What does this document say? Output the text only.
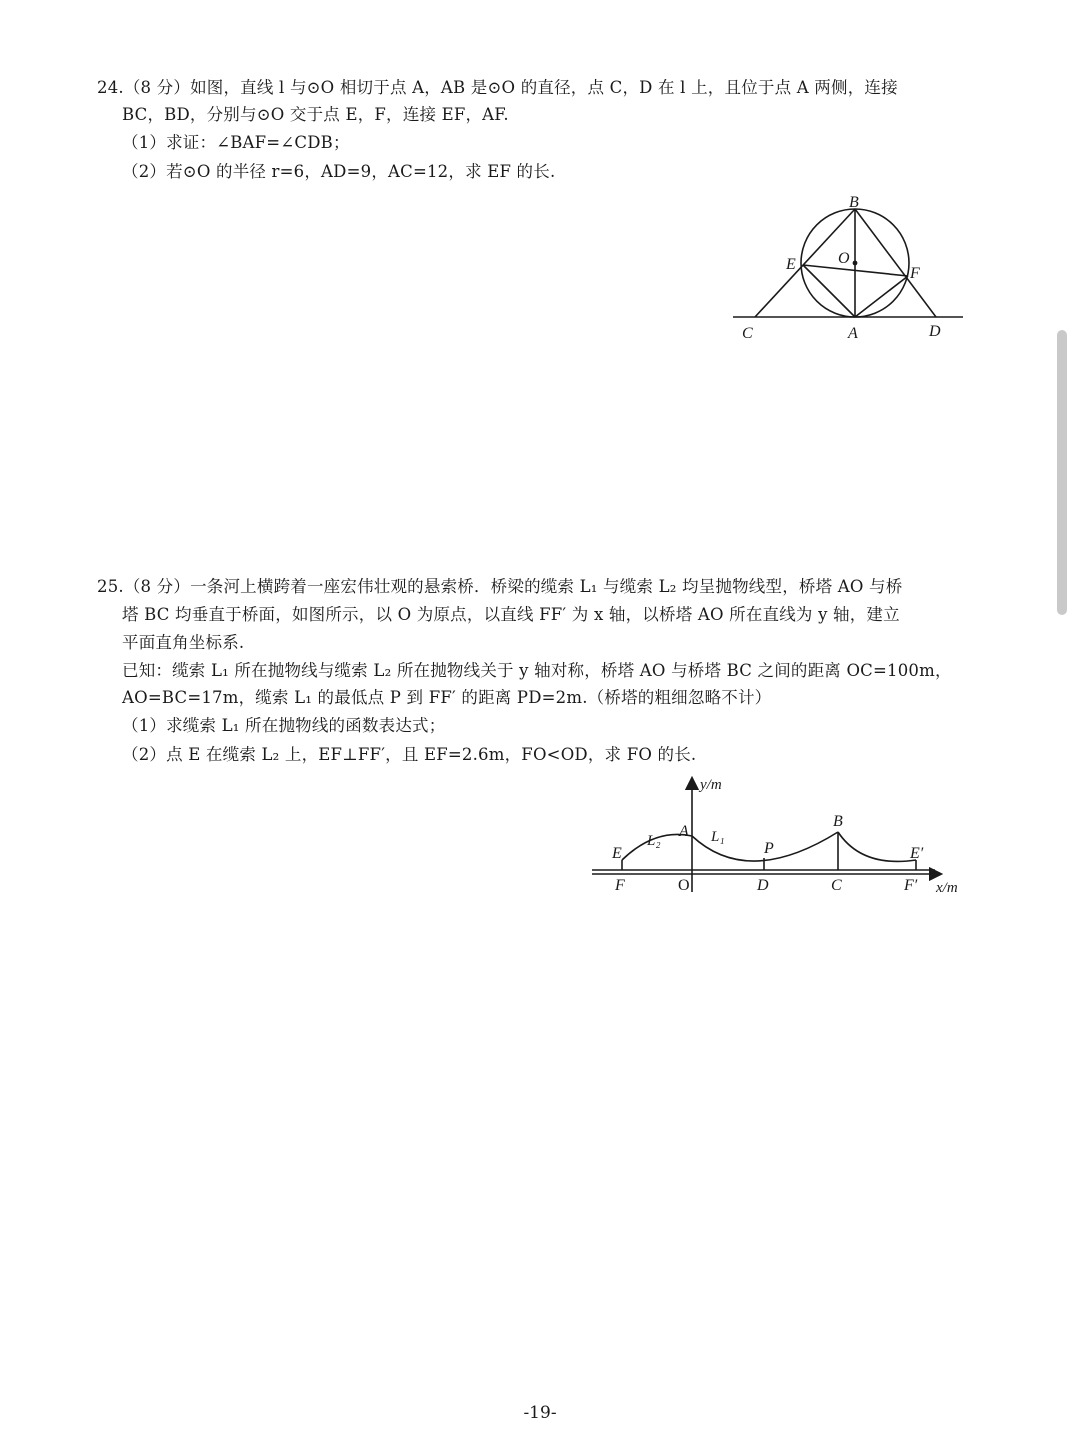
24.（8 分）如图，直线 l 与⊙O 相切于点 A，AB 是⊙O 的直径，点 C，D 在 l 上，且位于点 A 两侧，连接
BC，BD，分别与⊙O 交于点 E，F，连接 EF，AF.
（1）求证：∠BAF=∠CDB；
（2）若⊙O 的半径 r=6，AD=9，AC=12，求 EF 的长.
B
O
E
F
C	A	D
25.（8 分）一条河上横跨着一座宏伟壮观的悬索桥．桥梁的缆索 L₁ 与缆索 L₂ 均呈抛物线型，桥塔 AO 与桥
塔 BC 均垂直于桥面，如图所示，以 O 为原点，以直线 FF′ 为 x 轴，以桥塔 AO 所在直线为 y 轴，建立
平面直角坐标系.
已知：缆索 L₁ 所在抛物线与缆索 L₂ 所在抛物线关于 y 轴对称，桥塔 AO 与桥塔 BC 之间的距离 OC=100m，
AO=BC=17m，缆索 L₁ 的最低点 P 到 FF′ 的距离 PD=2m.（桥塔的粗细忽略不计）
（1）求缆索 L₁ 所在抛物线的函数表达式；
（2）点 E 在缆索 L₂ 上，EF⊥FF′，且 EF=2.6m，FO<OD，求 FO 的长.
y/m
x/m
E
L₂
A L₁
P
B
E′
F	O	D	C	F′
-19-
